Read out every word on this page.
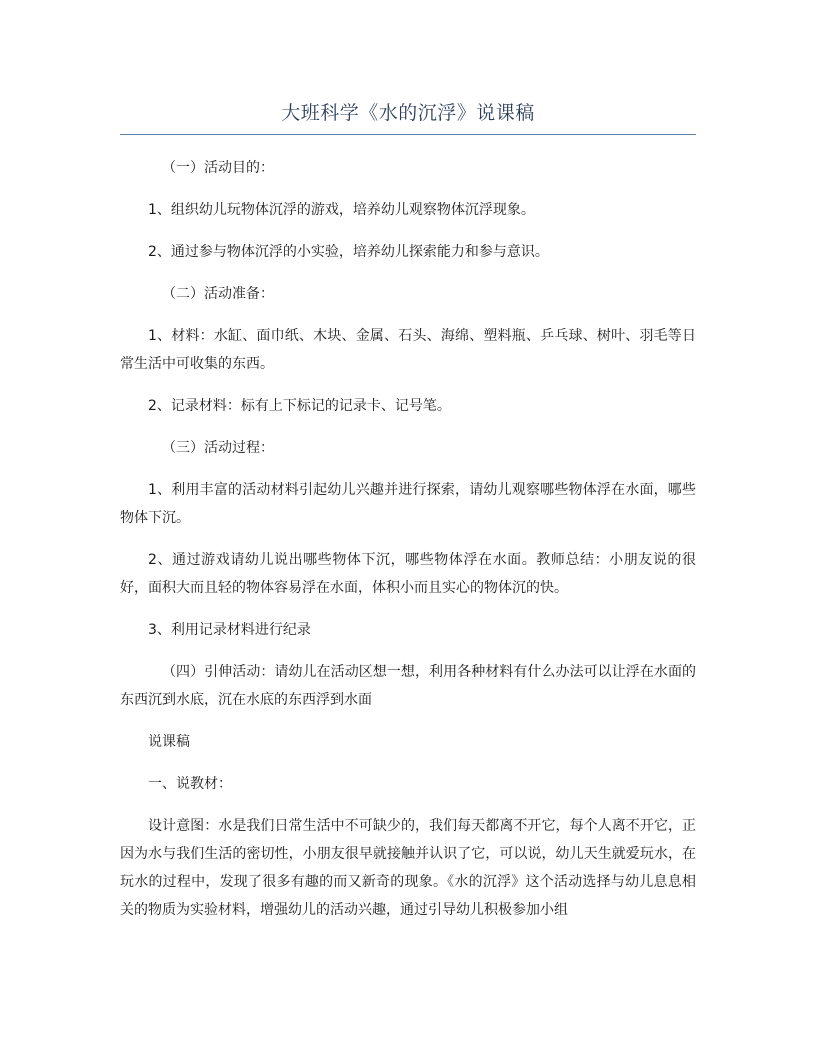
大班科学《水的沉浮》说课稿

（一）活动目的：

1、组织幼儿玩物体沉浮的游戏，培养幼儿观察物体沉浮现象。

2、通过参与物体沉浮的小实验，培养幼儿探索能力和参与意识。

（二）活动准备：

1、材料：水缸、面巾纸、木块、金属、石头、海绵、塑料瓶、乒乓球、树叶、羽毛等日常生活中可收集的东西。

2、记录材料：标有上下标记的记录卡、记号笔。

（三）活动过程：

1、利用丰富的活动材料引起幼儿兴趣并进行探索，请幼儿观察哪些物体浮在水面，哪些物体下沉。

2、通过游戏请幼儿说出哪些物体下沉，哪些物体浮在水面。教师总结：小朋友说的很好，面积大而且轻的物体容易浮在水面，体积小而且实心的物体沉的快。

3、利用记录材料进行纪录

（四）引伸活动：请幼儿在活动区想一想，利用各种材料有什么办法可以让浮在水面的东西沉到水底，沉在水底的东西浮到水面

说课稿

一、说教材：

设计意图：水是我们日常生活中不可缺少的，我们每天都离不开它，每个人离不开它，正因为水与我们生活的密切性，小朋友很早就接触并认识了它，可以说，幼儿天生就爱玩水，在玩水的过程中，发现了很多有趣的而又新奇的现象。《水的沉浮》这个活动选择与幼儿息息相关的物质为实验材料，增强幼儿的活动兴趣，通过引导幼儿积极参加小组
